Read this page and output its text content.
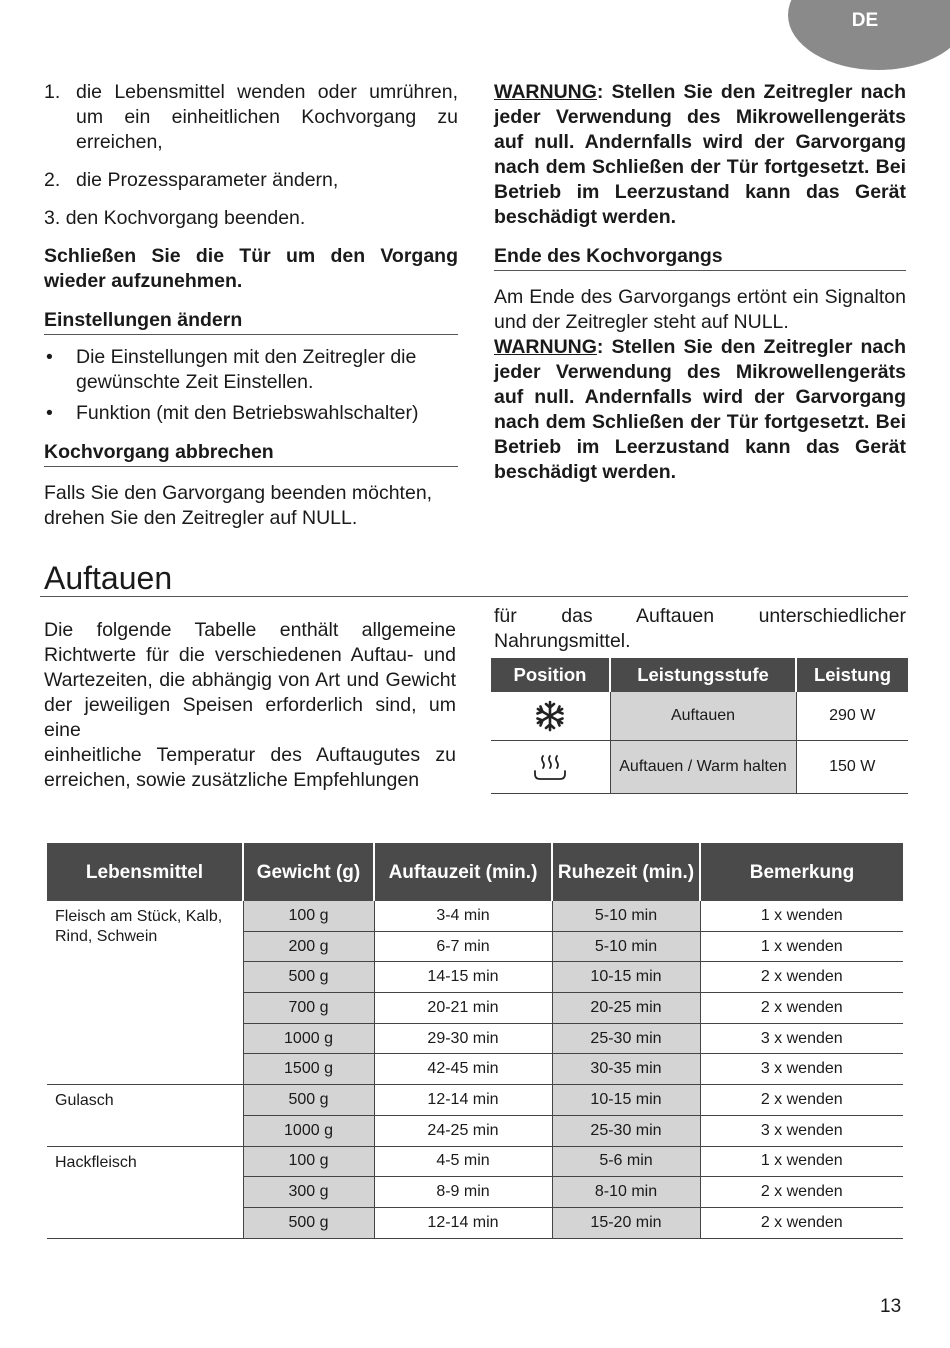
DE
1. die Lebensmittel wenden oder umrühren, um ein einheitlichen Kochvorgang zu erreichen,
2. die Prozessparameter ändern,
3. den Kochvorgang beenden.
Schließen Sie die Tür um den Vorgang wieder aufzunehmen.
Einstellungen ändern
• Die Einstellungen mit den Zeitregler die gewünschte Zeit Einstellen.
• Funktion (mit den Betriebswahlschalter)
Kochvorgang abbrechen
Falls Sie den Garvorgang beenden möchten, drehen Sie den Zeitregler auf NULL.
WARNUNG: Stellen Sie den Zeitregler nach jeder Verwendung des Mikrowellengeräts auf null. Andernfalls wird der Garvorgang nach dem Schließen der Tür fortgesetzt. Bei Betrieb im Leerzustand kann das Gerät beschädigt werden.
Ende des Kochvorgangs
Am Ende des Garvorgangs ertönt ein Signalton und der Zeitregler steht auf NULL.
WARNUNG: Stellen Sie den Zeitregler nach jeder Verwendung des Mikrowellengeräts auf null. Andernfalls wird der Garvorgang nach dem Schließen der Tür fortgesetzt. Bei Betrieb im Leerzustand kann das Gerät beschädigt werden.
Auftauen
Die folgende Tabelle enthält allgemeine Richtwerte für die verschiedenen Auftau- und Wartezeiten, die abhängig von Art und Gewicht der jeweiligen Speisen erforderlich sind, um eine
einheitliche Temperatur des Auftaugutes zu erreichen, sowie zusätzliche Empfehlungen
für das Auftauen unterschiedlicher Nahrungsmittel.
Position	Leistungsstufe	Leistung

	Auftauen	290 W

	Auftauen / Warm halten	150 W
Lebensmittel	Gewicht (g)	Auftauzeit (min.)	Ruhezeit (min.)	Bemerkung
Fleisch am Stück, Kalb, Rind, Schwein	100 g	3-4 min	5-10 min	1 x wenden
	200 g	6-7 min	5-10 min	1 x wenden
	500 g	14-15 min	10-15 min	2 x wenden
	700 g	20-21 min	20-25 min	2 x wenden
	1000 g	29-30 min	25-30 min	3 x wenden
	1500 g	42-45 min	30-35 min	3 x wenden
Gulasch	500 g	12-14 min	10-15 min	2 x wenden
	1000 g	24-25 min	25-30 min	3 x wenden
Hackfleisch	100 g	4-5 min	5-6 min	1 x wenden
	300 g	8-9 min	8-10 min	2 x wenden
	500 g	12-14 min	15-20 min	2 x wenden
13
